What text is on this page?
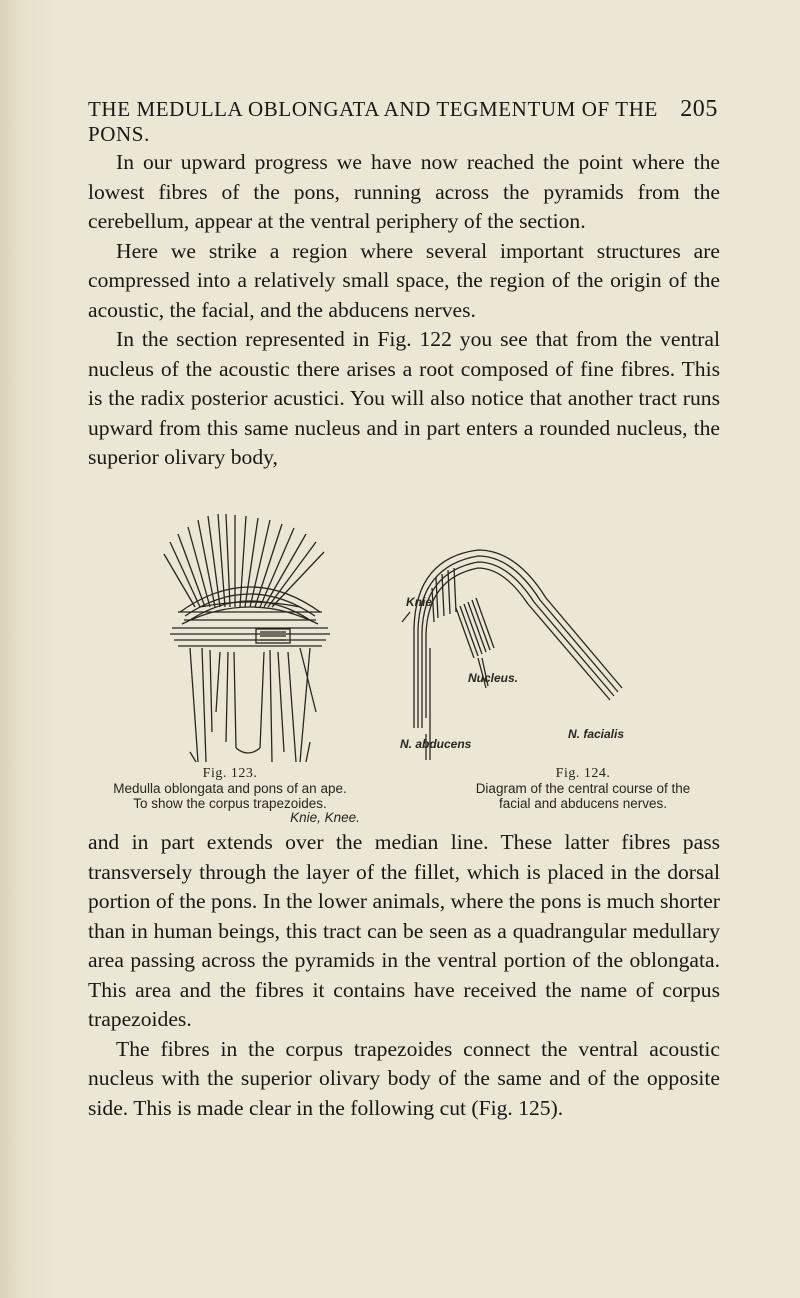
THE MEDULLA OBLONGATA AND TEGMENTUM OF THE PONS.
205

In our upward progress we have now reached the point where the lowest fibres of the pons, running across the pyramids from the cerebellum, appear at the ventral periphery of the section.

Here we strike a region where several important structures are compressed into a relatively small space, the region of the origin of the acoustic, the facial, and the abducens nerves.

In the section represented in Fig. 122 you see that from the ventral nucleus of the acoustic there arises a root composed of fine fibres. This is the radix posterior acustici. You will also notice that another tract runs upward from this same nucleus and in part enters a rounded nucleus, the superior olivary body,

Knie
Nucleus.
N. abducens
N. facialis
Fig. 123.
Medulla oblongata and pons of an ape.
To show the corpus trapezoides.
Fig. 124.
Diagram of the central course of the
facial and abducens nerves.
Knie, Knee.

and in part extends over the median line. These latter fibres pass transversely through the layer of the fillet, which is placed in the dorsal portion of the pons. In the lower animals, where the pons is much shorter than in human beings, this tract can be seen as a quadrangular medullary area passing across the pyramids in the ventral portion of the oblongata. This area and the fibres it contains have received the name of corpus trapezoides.

The fibres in the corpus trapezoides connect the ventral acoustic nucleus with the superior olivary body of the same and of the opposite side. This is made clear in the following cut (Fig. 125).
